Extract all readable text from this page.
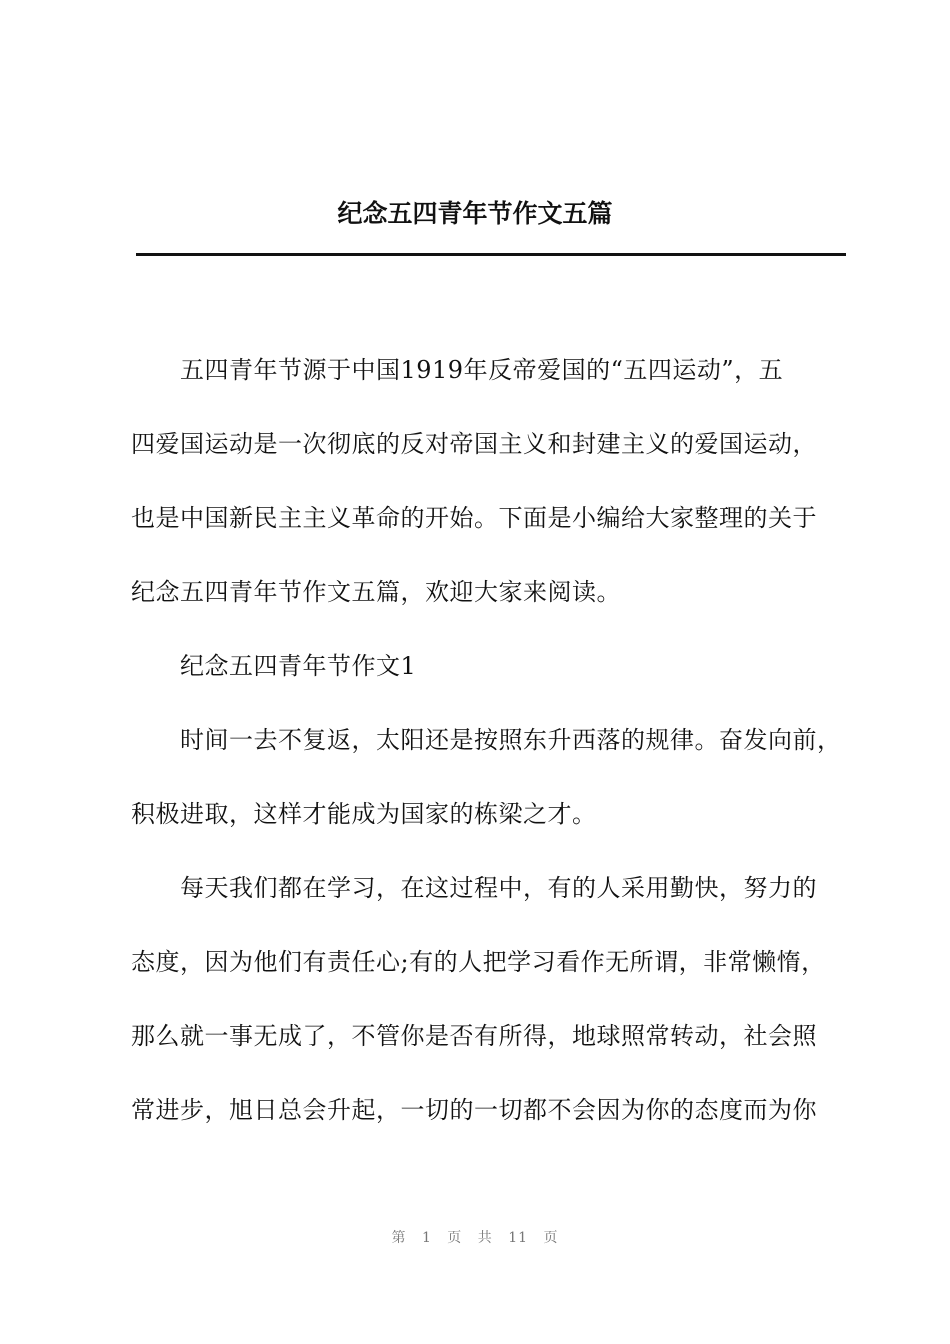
纪念五四青年节作文五篇

五四青年节源于中国1919年反帝爱国的“五四运动”，五

四爱国运动是一次彻底的反对帝国主义和封建主义的爱国运动，

也是中国新民主主义革命的开始。下面是小编给大家整理的关于

纪念五四青年节作文五篇，欢迎大家来阅读。

纪念五四青年节作文1

时间一去不复返，太阳还是按照东升西落的规律。奋发向前，

积极进取，这样才能成为国家的栋梁之才。

每天我们都在学习，在这过程中，有的人采用勤快，努力的

态度，因为他们有责任心;有的人把学习看作无所谓，非常懒惰，

那么就一事无成了，不管你是否有所得，地球照常转动，社会照

常进步，旭日总会升起，一切的一切都不会因为你的态度而为你

第 1 页 共 11 页
